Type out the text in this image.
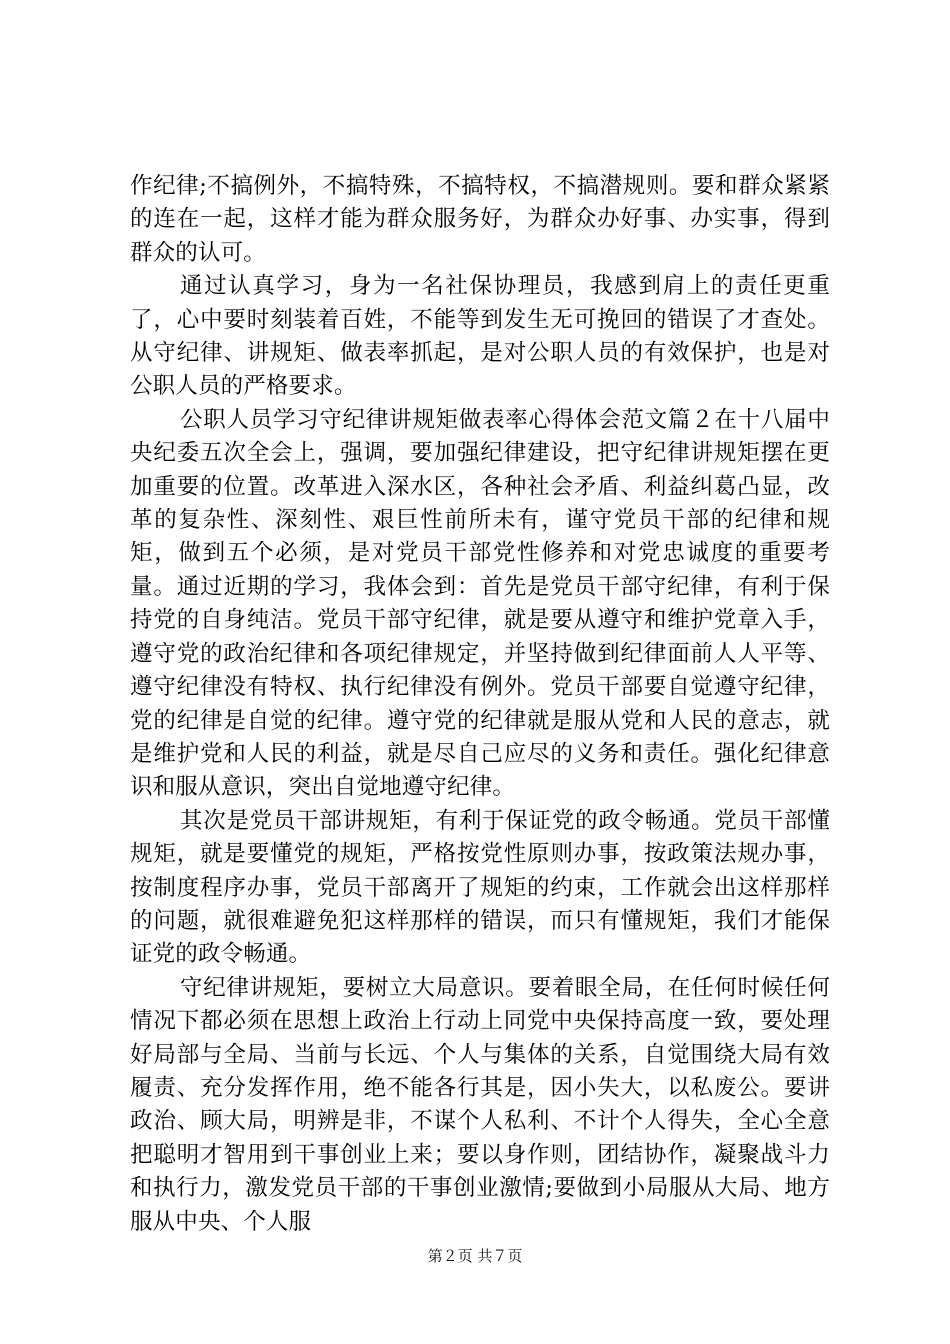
作纪律;不搞例外，不搞特殊，不搞特权，不搞潜规则。要和群众紧紧的连在一起，这样才能为群众服务好，为群众办好事、办实事，得到群众的认可。

通过认真学习，身为一名社保协理员，我感到肩上的责任更重了，心中要时刻装着百姓，不能等到发生无可挽回的错误了才查处。从守纪律、讲规矩、做表率抓起，是对公职人员的有效保护，也是对公职人员的严格要求。

公职人员学习守纪律讲规矩做表率心得体会范文篇２在十八届中央纪委五次全会上，强调，要加强纪律建设，把守纪律讲规矩摆在更加重要的位置。改革进入深水区，各种社会矛盾、利益纠葛凸显，改革的复杂性、深刻性、艰巨性前所未有，谨守党员干部的纪律和规矩，做到五个必须，是对党员干部党性修养和对党忠诚度的重要考量。通过近期的学习，我体会到：首先是党员干部守纪律，有利于保持党的自身纯洁。党员干部守纪律，就是要从遵守和维护党章入手，遵守党的政治纪律和各项纪律规定，并坚持做到纪律面前人人平等、遵守纪律没有特权、执行纪律没有例外。党员干部要自觉遵守纪律，党的纪律是自觉的纪律。遵守党的纪律就是服从党和人民的意志，就是维护党和人民的利益，就是尽自己应尽的义务和责任。强化纪律意识和服从意识，突出自觉地遵守纪律。

其次是党员干部讲规矩，有利于保证党的政令畅通。党员干部懂规矩，就是要懂党的规矩，严格按党性原则办事，按政策法规办事，按制度程序办事，党员干部离开了规矩的约束，工作就会出这样那样的问题，就很难避免犯这样那样的错误，而只有懂规矩，我们才能保证党的政令畅通。

守纪律讲规矩，要树立大局意识。要着眼全局，在任何时候任何情况下都必须在思想上政治上行动上同党中央保持高度一致，要处理好局部与全局、当前与长远、个人与集体的关系，自觉围绕大局有效履责、充分发挥作用，绝不能各行其是，因小失大，以私废公。要讲政治、顾大局，明辨是非，不谋个人私利、不计个人得失，全心全意把聪明才智用到干事创业上来；要以身作则，团结协作，凝聚战斗力和执行力，激发党员干部的干事创业激情;要做到小局服从大局、地方服从中央、个人服

第２页 共７页
